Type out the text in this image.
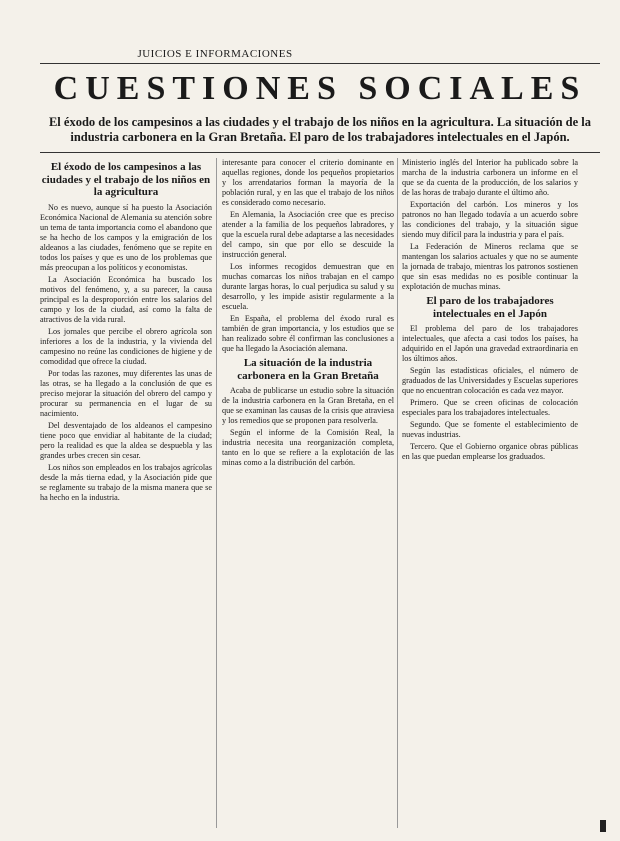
JUICIOS E INFORMACIONES
CUESTIONES SOCIALES
El éxodo de los campesinos a las ciudades y el trabajo de los niños en la agricultura. La situación de la industria carbonera en la Gran Bretaña. El paro de los trabajadores intelectuales en el Japón.
El éxodo de los campesinos a las ciudades y el trabajo de los niños en la agricultura

No es nuevo, aunque sí ha puesto la Asociación Económica Nacional de Alemania su atención sobre un tema de tanta importancia como el abandono que se ha hecho de los campos y la emigración de los aldeanos a las ciudades, fenómeno que se repite en todos los países y que es uno de los problemas que más preocupan a los políticos y economistas.

La Asociación Económica ha buscado los motivos del fenómeno, y, a su parecer, la causa principal es la desproporción entre los salarios del campo y los de la ciudad, así como la falta de atractivos de la vida rural.

Los jornales que percibe el obrero agrícola son inferiores a los de la industria, y la vivienda del campesino no reúne las condiciones de higiene y de comodidad que ofrece la ciudad.

Por todas las razones, muy diferentes las unas de las otras, se ha llegado a la conclusión de que es preciso mejorar la situación del obrero del campo y procurar su permanencia en el lugar de su nacimiento.

Del desventajado de los aldeanos el campesino tiene poco que envidiar al habitante de la ciudad; pero la realidad es que la aldea se despuebla y las grandes urbes crecen sin cesar.

Los niños son empleados en los trabajos agrícolas desde la más tierna edad, y la Asociación pide que se reglamente su trabajo de la misma manera que se ha hecho en la industria.

interesante para conocer el criterio dominante en aquellas regiones, donde los pequeños propietarios y los arrendatarios forman la mayoría de la población rural, y en las que el trabajo de los niños es considerado como necesario.

En Alemania, la Asociación cree que es preciso atender a la familia de los pequeños labradores, y que la escuela rural debe adaptarse a las necesidades del campo, sin que por ello se descuide la instrucción general.

Los informes recogidos demuestran que en muchas comarcas los niños trabajan en el campo durante largas horas, lo cual perjudica su salud y su desarrollo, y les impide asistir regularmente a la escuela.

En España, el problema del éxodo rural es también de gran importancia, y los estudios que se han realizado sobre él confirman las conclusiones a que ha llegado la Asociación alemana.

La situación de la industria carbonera en la Gran Bretaña

Acaba de publicarse un estudio sobre la situación de la industria carbonera en la Gran Bretaña, en el que se examinan las causas de la crisis que atraviesa y los remedios que se proponen para resolverla.

Según el informe de la Comisión Real, la industria necesita una reorganización completa, tanto en lo que se refiere a la explotación de las minas como a la distribución del carbón.

Ministerio inglés del Interior ha publicado sobre la marcha de la industria carbonera un informe en el que se da cuenta de la producción, de los salarios y de las horas de trabajo durante el último año.

Exportación del carbón. Los mineros y los patronos no han llegado todavía a un acuerdo sobre las condiciones del trabajo, y la situación sigue siendo muy difícil para la industria y para el país.

La Federación de Mineros reclama que se mantengan los salarios actuales y que no se aumente la jornada de trabajo, mientras los patronos sostienen que sin esas medidas no es posible continuar la explotación de muchas minas.

El paro de los trabajadores intelectuales en el Japón

El problema del paro de los trabajadores intelectuales, que afecta a casi todos los países, ha adquirido en el Japón una gravedad extraordinaria en los últimos años.

Según las estadísticas oficiales, el número de graduados de las Universidades y Escuelas superiores que no encuentran colocación es cada vez mayor.

Primero. Que se creen oficinas de colocación especiales para los trabajadores intelectuales.

Segundo. Que se fomente el establecimiento de nuevas industrias.

Tercero. Que el Gobierno organice obras públicas en las que puedan emplearse los graduados.
